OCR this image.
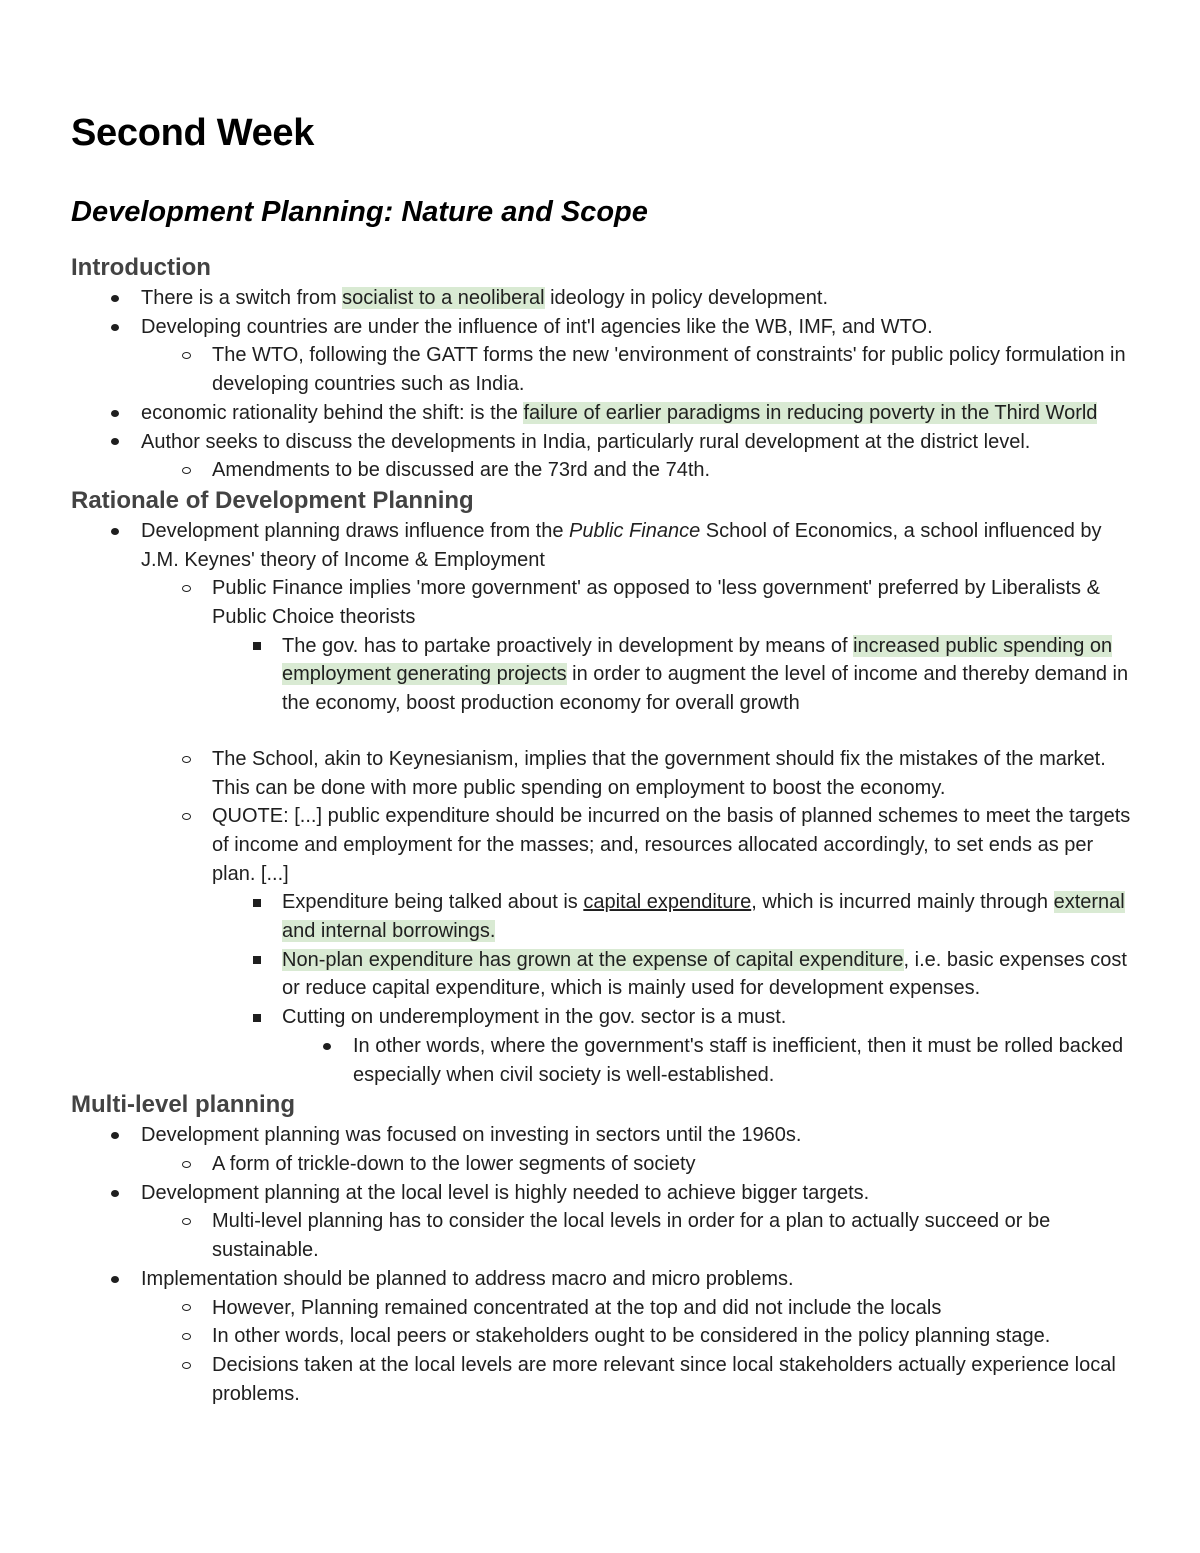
Second Week
Development Planning: Nature and Scope
Introduction
There is a switch from socialist to a neoliberal ideology in policy development.
Developing countries are under the influence of int'l agencies like the WB, IMF, and WTO.
The WTO, following the GATT forms the new 'environment of constraints' for public policy formulation in developing countries such as India.
economic rationality behind the shift: is the failure of earlier paradigms in reducing poverty in the Third World
Author seeks to discuss the developments in India, particularly rural development at the district level.
Amendments to be discussed are the 73rd and the 74th.
Rationale of Development Planning
Development planning draws influence from the Public Finance School of Economics, a school influenced by J.M. Keynes' theory of Income & Employment
Public Finance implies 'more government' as opposed to 'less government' preferred by Liberalists & Public Choice theorists
The gov. has to partake proactively in development by means of increased public spending on employment generating projects in order to augment the level of income and thereby demand in the economy, boost production economy for overall growth
The School, akin to Keynesianism, implies that the government should fix the mistakes of the market. This can be done with more public spending on employment to boost the economy.
QUOTE: [...] public expenditure should be incurred on the basis of planned schemes to meet the targets of income and employment for the masses; and, resources allocated accordingly, to set ends as per plan. [...]
Expenditure being talked about is capital expenditure, which is incurred mainly through external and internal borrowings.
Non-plan expenditure has grown at the expense of capital expenditure, i.e. basic expenses cost or reduce capital expenditure, which is mainly used for development expenses.
Cutting on underemployment in the gov. sector is a must.
In other words, where the government's staff is inefficient, then it must be rolled backed especially when civil society is well-established.
Multi-level planning
Development planning was focused on investing in sectors until the 1960s.
A form of trickle-down to the lower segments of society
Development planning at the local level is highly needed to achieve bigger targets.
Multi-level planning has to consider the local levels in order for a plan to actually succeed or be sustainable.
Implementation should be planned to address macro and micro problems.
However, Planning remained concentrated at the top and did not include the locals
In other words, local peers or stakeholders ought to be considered in the policy planning stage.
Decisions taken at the local levels are more relevant since local stakeholders actually experience local problems.
